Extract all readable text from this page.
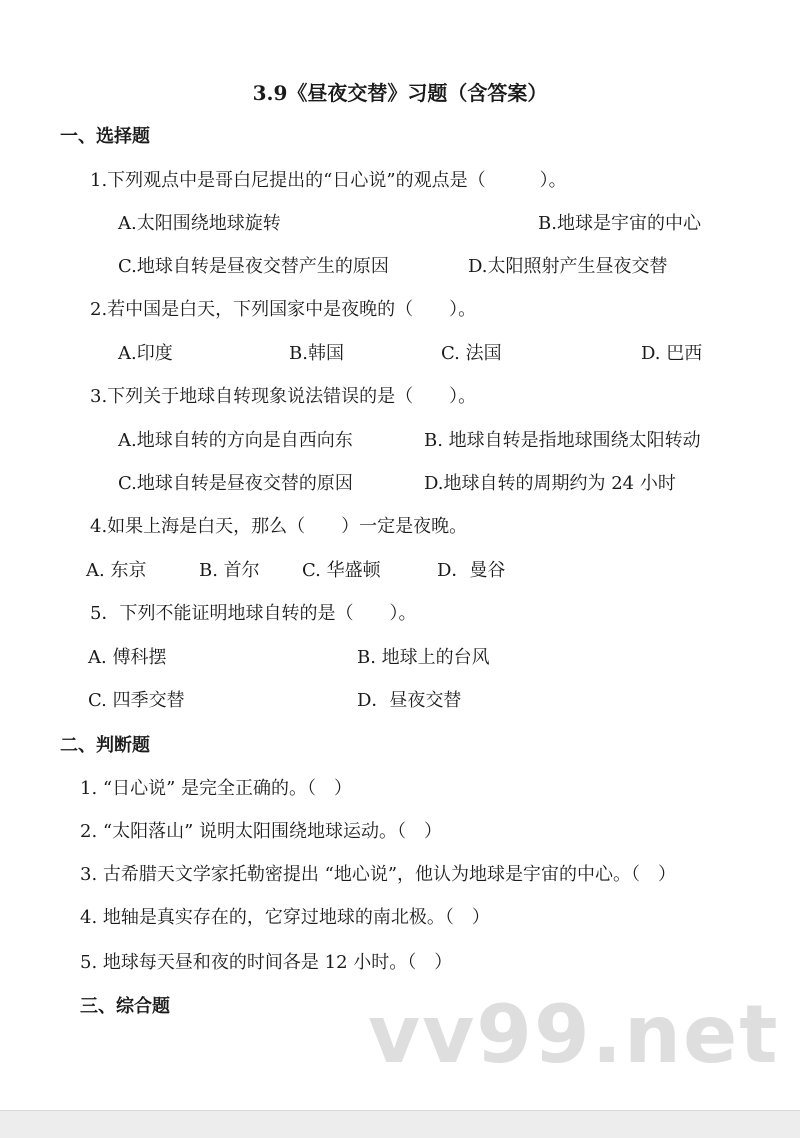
3.9《昼夜交替》习题（含答案）
一、选择题
1.下列观点中是哥白尼提出的“日心说”的观点是（　　　）。
A.太阳围绕地球旋转	B.地球是宇宙的中心
C.地球自转是昼夜交替产生的原因	D.太阳照射产生昼夜交替
2.若中国是白天，下列国家中是夜晚的（　　）。
A.印度	B.韩国	C. 法国	D. 巴西
3.下列关于地球自转现象说法错误的是（　　）。
A.地球自转的方向是自西向东	B. 地球自转是指地球围绕太阳转动
C.地球自转是昼夜交替的原因	D.地球自转的周期约为 24 小时
4.如果上海是白天，那么（　　）一定是夜晚。
A. 东京	B. 首尔 C. 华盛顿	D．曼谷
5．下列不能证明地球自转的是（　　）。
A. 傅科摆	B. 地球上的台风
C. 四季交替	D．昼夜交替
二、判断题
1. “日心说” 是完全正确的。（　）
2. “太阳落山” 说明太阳围绕地球运动。（　）
3. 古希腊天文学家托勒密提出 “地心说”，他认为地球是宇宙的中心。（　）
4. 地轴是真实存在的，它穿过地球的南北极。（　）
5. 地球每天昼和夜的时间各是 12 小时。（　）
三、综合题 vv99.net
